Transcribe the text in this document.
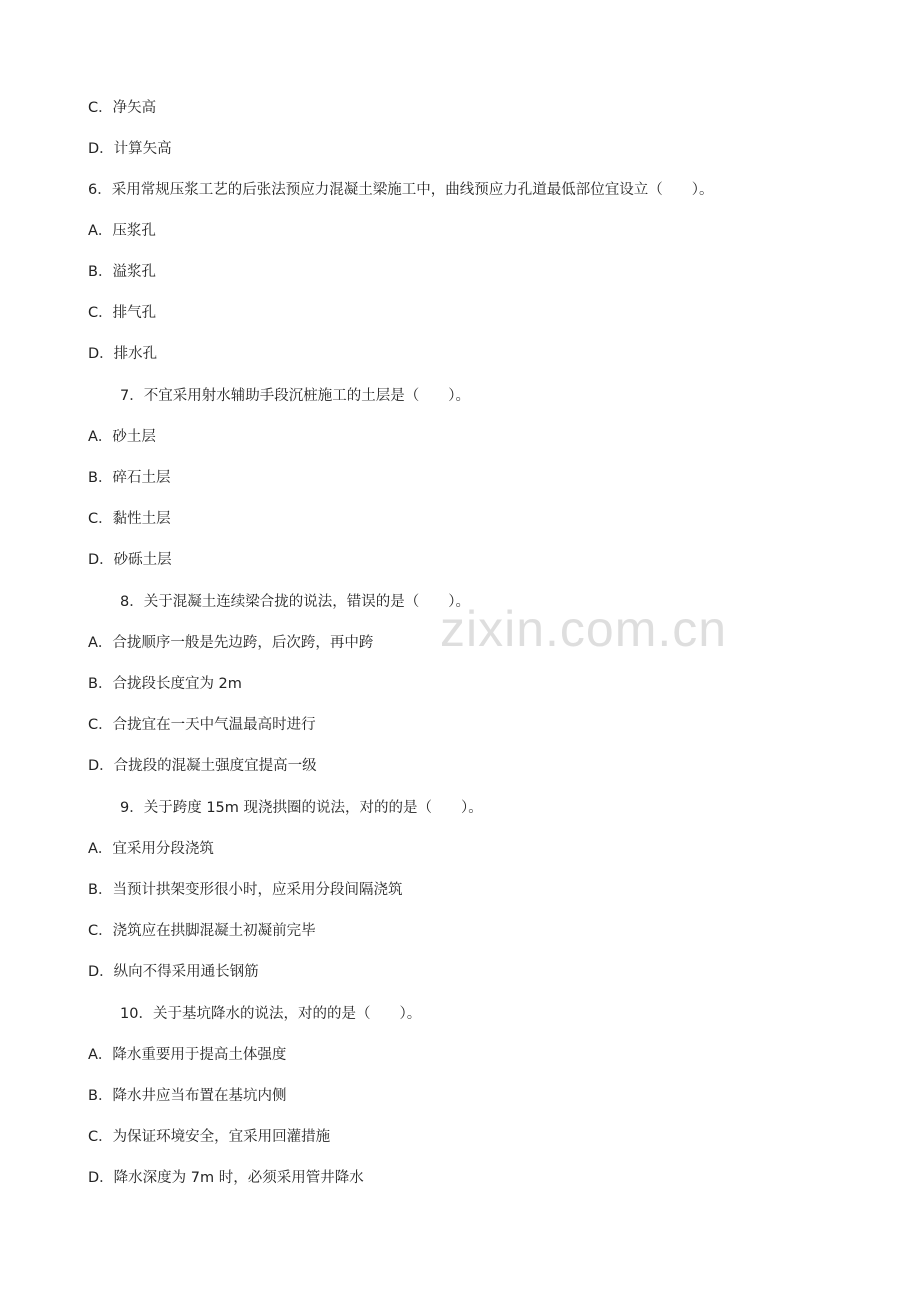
C．净矢高
D．计算矢高
6．采用常规压浆工艺的后张法预应力混凝土梁施工中，曲线预应力孔道最低部位宜设立（　　）。
A．压浆孔
B．溢浆孔
C．排气孔
D．排水孔
7．不宜采用射水辅助手段沉桩施工的土层是（　　）。
A．砂土层
B．碎石土层
C．黏性土层
D．砂砾土层
8．关于混凝土连续梁合拢的说法，错误的是（　　）。
A．合拢顺序一般是先边跨，后次跨，再中跨
B．合拢段长度宜为 2m
C．合拢宜在一天中气温最高时进行
D．合拢段的混凝土强度宜提高一级
9．关于跨度 15m 现浇拱圈的说法，对的的是（　　）。
A．宜采用分段浇筑
B．当预计拱架变形很小时，应采用分段间隔浇筑
C．浇筑应在拱脚混凝土初凝前完毕
D．纵向不得采用通长钢筋
10．关于基坑降水的说法，对的的是（　　）。
A．降水重要用于提高土体强度
B．降水井应当布置在基坑内侧
C．为保证环境安全，宜采用回灌措施
D．降水深度为 7m 时，必须采用管井降水
zixin.com.cn
